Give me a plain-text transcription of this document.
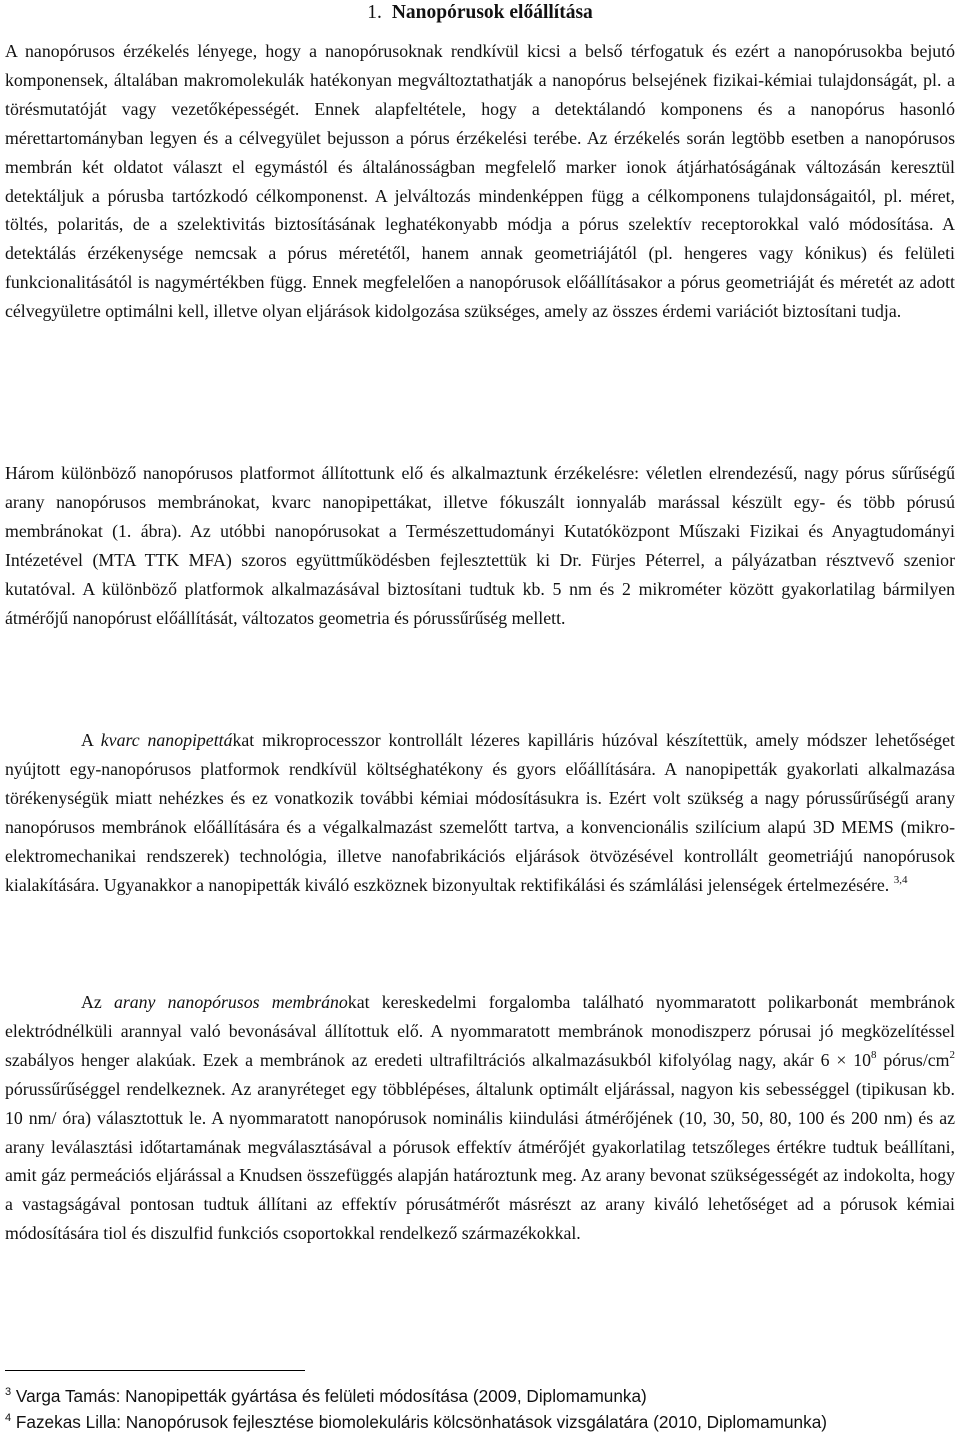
1. Nanopórusok előállítása

A nanopórusos érzékelés lényege, hogy a nanopórusoknak rendkívül kicsi a belső térfogatuk és ezért a nanopórusokba bejutó komponensek, általában makromolekulák hatékonyan megváltoztathatják a nanopórus belsejének fizikai-kémiai tulajdonságát, pl. a törésmutatóját vagy vezetőképességét. Ennek alapfeltétele, hogy a detektálandó komponens és a nanopórus hasonló mérettartományban legyen és a célvegyület bejusson a pórus érzékelési terébe. Az érzékelés során legtöbb esetben a nanopórusos membrán két oldatot választ el egymástól és általánosságban megfelelő marker ionok átjárhatóságának változásán keresztül detektáljuk a pórusba tartózkodó célkomponenst. A jelváltozás mindenképpen függ a célkomponens tulajdonságaitól, pl. méret, töltés, polaritás, de a szelektivitás biztosításának leghatékonyabb módja a pórus szelektív receptorokkal való módosítása. A detektálás érzékenysége nemcsak a pórus méretétől, hanem annak geometriájától (pl. hengeres vagy kónikus) és felületi funkcionalitásától is nagymértékben függ. Ennek megfelelően a nanopórusok előállításakor a pórus geometriáját és méretét az adott célvegyületre optimálni kell, illetve olyan eljárások kidolgozása szükséges, amely az összes érdemi variációt biztosítani tudja.

Három különböző nanopórusos platformot állítottunk elő és alkalmaztunk érzékelésre: véletlen elrendezésű, nagy pórus sűrűségű arany nanopórusos membránokat, kvarc nanopipettákat, illetve fókuszált ionnyaláb marással készült egy- és több pórusú membránokat (1. ábra). Az utóbbi nanopórusokat a Természettudományi Kutatóközpont Műszaki Fizikai és Anyagtudományi Intézetével (MTA TTK MFA) szoros együttműködésben fejlesztettük ki Dr. Fürjes Péterrel, a pályázatban résztvevő szenior kutatóval. A különböző platformok alkalmazásával biztosítani tudtuk kb. 5 nm és 2 mikrométer között gyakorlatilag bármilyen átmérőjű nanopórust előállítását, változatos geometria és pórussűrűség mellett.

A kvarc nanopipettákat mikroprocesszor kontrollált lézeres kapilláris húzóval készítettük, amely módszer lehetőséget nyújtott egy-nanopórusos platformok rendkívül költséghatékony és gyors előállítására. A nanopipetták gyakorlati alkalmazása törékenységük miatt nehézkes és ez vonatkozik további kémiai módosításukra is. Ezért volt szükség a nagy pórussűrűségű arany nanopórusos membránok előállítására és a végalkalmazást szemelőtt tartva, a konvencionális szilícium alapú 3D MEMS (mikro-elektromechanikai rendszerek) technológia, illetve nanofabrikációs eljárások ötvözésével kontrollált geometriájú nanopórusok kialakítására. Ugyanakkor a nanopipetták kiváló eszköznek bizonyultak rektifikálási és számlálási jelenségek értelmezésére. $^{3,4}$

Az arany nanopórusos membránokat kereskedelmi forgalomba található nyommaratott polikarbonát membránok elektródnélküli arannyal való bevonásával állítottuk elő. A nyommaratott membránok monodiszperz pórusai jó megközelítéssel szabályos henger alakúak. Ezek a membránok az eredeti ultrafiltrációs alkalmazásukból kifolyólag nagy, akár $6 \times 10^8$ pórus/$cm^2$ pórussűrűséggel rendelkeznek. Az aranyréteget egy többlépéses, általunk optimált eljárással, nagyon kis sebességgel (tipikusan kb. 10 nm/ óra) választottuk le. A nyommaratott nanopórusok nominális kiindulási átmérőjének (10, 30, 50, 80, 100 és 200 nm) és az arany leválasztási időtartamának megválasztásával a pórusok effektív átmérőjét gyakorlatilag tetszőleges értékre tudtuk beállítani, amit gáz permeációs eljárással a Knudsen összefüggés alapján határoztunk meg. Az arany bevonat szükségességét az indokolta, hogy a vastagságával pontosan tudtuk állítani az effektív pórusátmérőt másrészt az arany kiváló lehetőséget ad a pórusok kémiai módosítására tiol és diszulfid funkciós csoportokkal rendelkező származékokkal.

$^3$ Varga Tamás: Nanopipetták gyártása és felületi módosítása (2009, Diplomamunka)
$^4$ Fazekas Lilla: Nanopórusok fejlesztése biomolekuláris kölcsönhatások vizsgálatára (2010, Diplomamunka)
